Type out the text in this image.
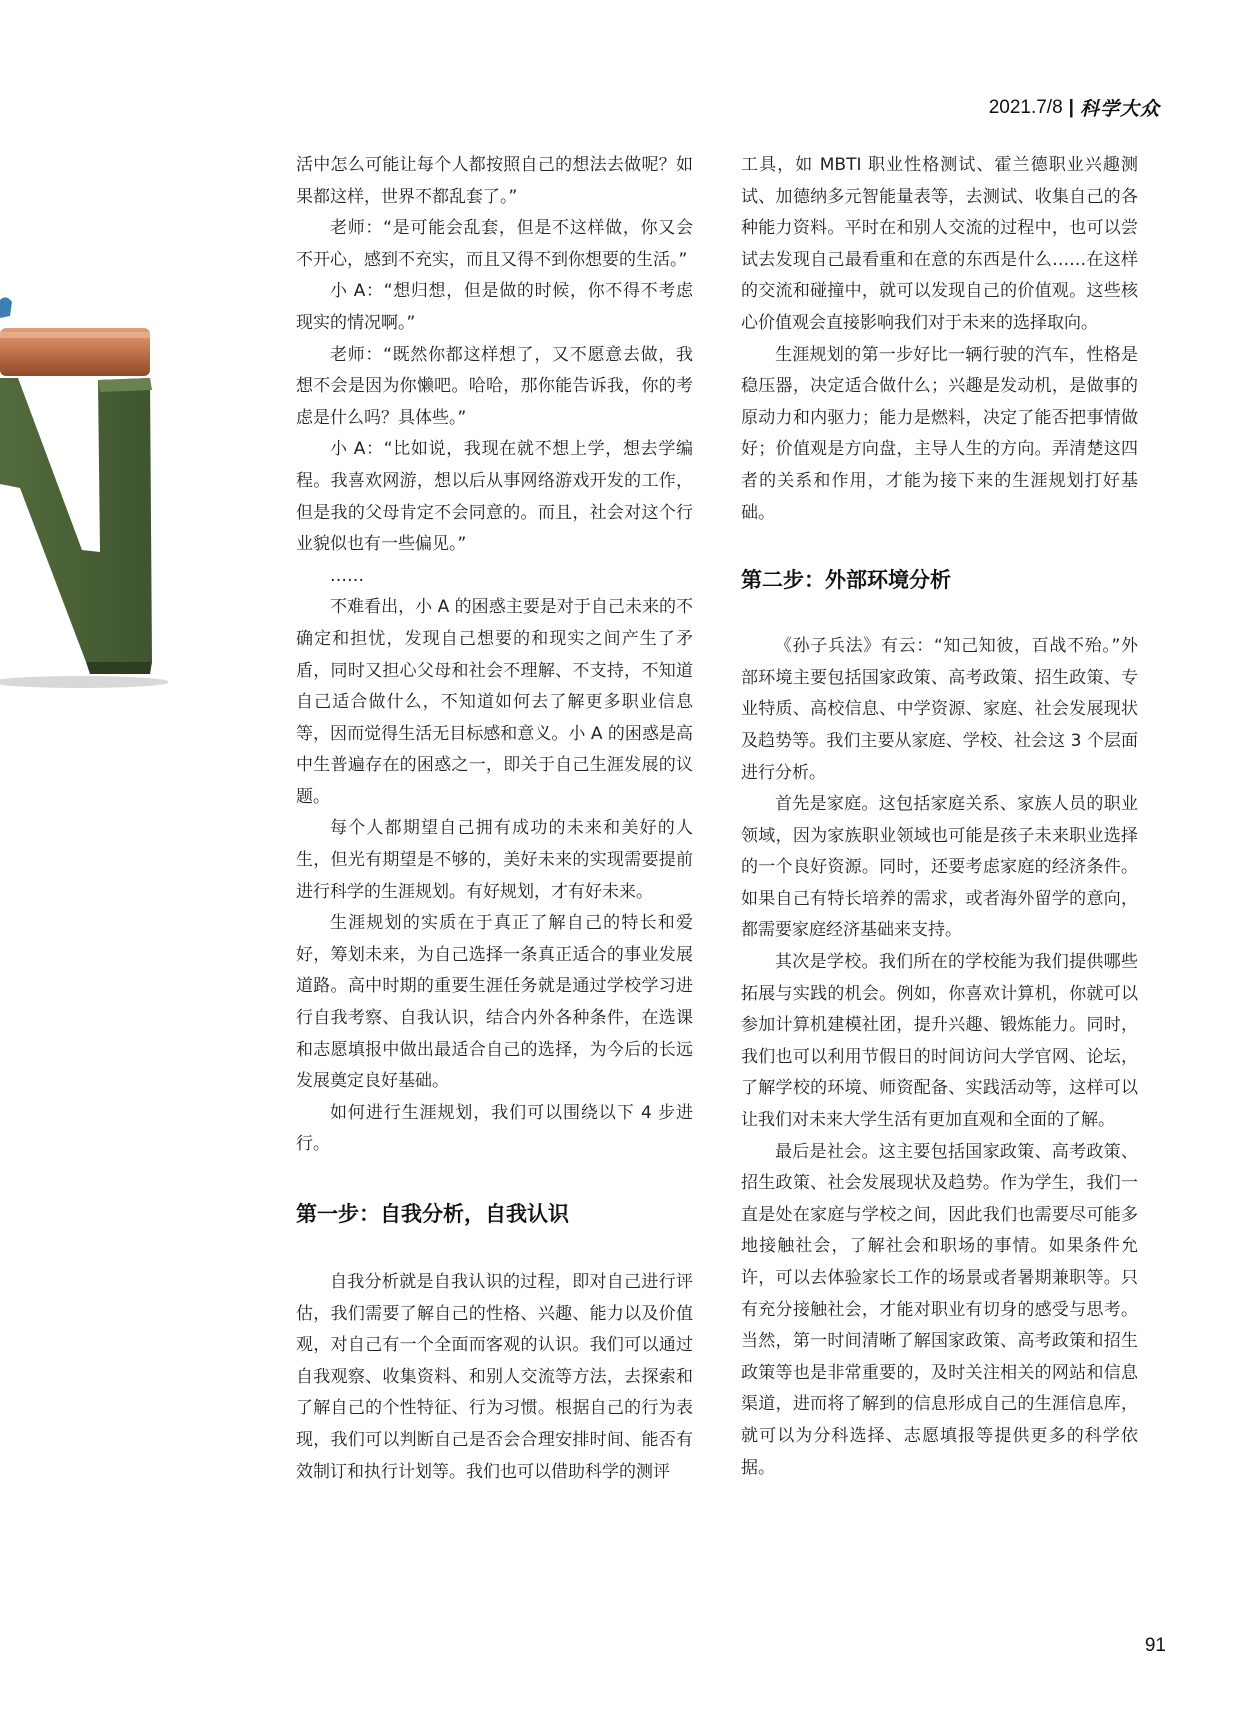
2021.7/8 | 科学大众

活中怎么可能让每个人都按照自己的想法去做呢？如果都这样，世界不都乱套了。”

老师：“是可能会乱套，但是不这样做，你又会不开心，感到不充实，而且又得不到你想要的生活。”

小 A：“想归想，但是做的时候，你不得不考虑现实的情况啊。”

老师：“既然你都这样想了，又不愿意去做，我想不会是因为你懒吧。哈哈，那你能告诉我，你的考虑是什么吗？具体些。”

小 A：“比如说，我现在就不想上学，想去学编程。我喜欢网游，想以后从事网络游戏开发的工作，但是我的父母肯定不会同意的。而且，社会对这个行业貌似也有一些偏见。”

……

不难看出，小 A 的困惑主要是对于自己未来的不确定和担忧，发现自己想要的和现实之间产生了矛盾，同时又担心父母和社会不理解、不支持，不知道自己适合做什么，不知道如何去了解更多职业信息等，因而觉得生活无目标感和意义。小 A 的困惑是高中生普遍存在的困惑之一，即关于自己生涯发展的议题。

每个人都期望自己拥有成功的未来和美好的人生，但光有期望是不够的，美好未来的实现需要提前进行科学的生涯规划。有好规划，才有好未来。

生涯规划的实质在于真正了解自己的特长和爱好，筹划未来，为自己选择一条真正适合的事业发展道路。高中时期的重要生涯任务就是通过学校学习进行自我考察、自我认识，结合内外各种条件，在选课和志愿填报中做出最适合自己的选择，为今后的长远发展奠定良好基础。

如何进行生涯规划，我们可以围绕以下 4 步进行。

第一步：自我分析，自我认识

自我分析就是自我认识的过程，即对自己进行评估，我们需要了解自己的性格、兴趣、能力以及价值观，对自己有一个全面而客观的认识。我们可以通过自我观察、收集资料、和别人交流等方法，去探索和了解自己的个性特征、行为习惯。根据自己的行为表现，我们可以判断自己是否会合理安排时间、能否有效制订和执行计划等。我们也可以借助科学的测评

工具，如 MBTI 职业性格测试、霍兰德职业兴趣测试、加德纳多元智能量表等，去测试、收集自己的各种能力资料。平时在和别人交流的过程中，也可以尝试去发现自己最看重和在意的东西是什么……在这样的交流和碰撞中，就可以发现自己的价值观。这些核心价值观会直接影响我们对于未来的选择取向。

生涯规划的第一步好比一辆行驶的汽车，性格是稳压器，决定适合做什么；兴趣是发动机，是做事的原动力和内驱力；能力是燃料，决定了能否把事情做好；价值观是方向盘，主导人生的方向。弄清楚这四者的关系和作用，才能为接下来的生涯规划打好基础。

第二步：外部环境分析

《孙子兵法》有云：“知己知彼，百战不殆。”外部环境主要包括国家政策、高考政策、招生政策、专业特质、高校信息、中学资源、家庭、社会发展现状及趋势等。我们主要从家庭、学校、社会这 3 个层面进行分析。

首先是家庭。这包括家庭关系、家族人员的职业领域，因为家族职业领域也可能是孩子未来职业选择的一个良好资源。同时，还要考虑家庭的经济条件。如果自己有特长培养的需求，或者海外留学的意向，都需要家庭经济基础来支持。

其次是学校。我们所在的学校能为我们提供哪些拓展与实践的机会。例如，你喜欢计算机，你就可以参加计算机建模社团，提升兴趣、锻炼能力。同时，我们也可以利用节假日的时间访问大学官网、论坛，了解学校的环境、师资配备、实践活动等，这样可以让我们对未来大学生活有更加直观和全面的了解。

最后是社会。这主要包括国家政策、高考政策、招生政策、社会发展现状及趋势。作为学生，我们一直是处在家庭与学校之间，因此我们也需要尽可能多地接触社会，了解社会和职场的事情。如果条件允许，可以去体验家长工作的场景或者暑期兼职等。只有充分接触社会，才能对职业有切身的感受与思考。当然，第一时间清晰了解国家政策、高考政策和招生政策等也是非常重要的，及时关注相关的网站和信息渠道，进而将了解到的信息形成自己的生涯信息库，就可以为分科选择、志愿填报等提供更多的科学依据。

91
